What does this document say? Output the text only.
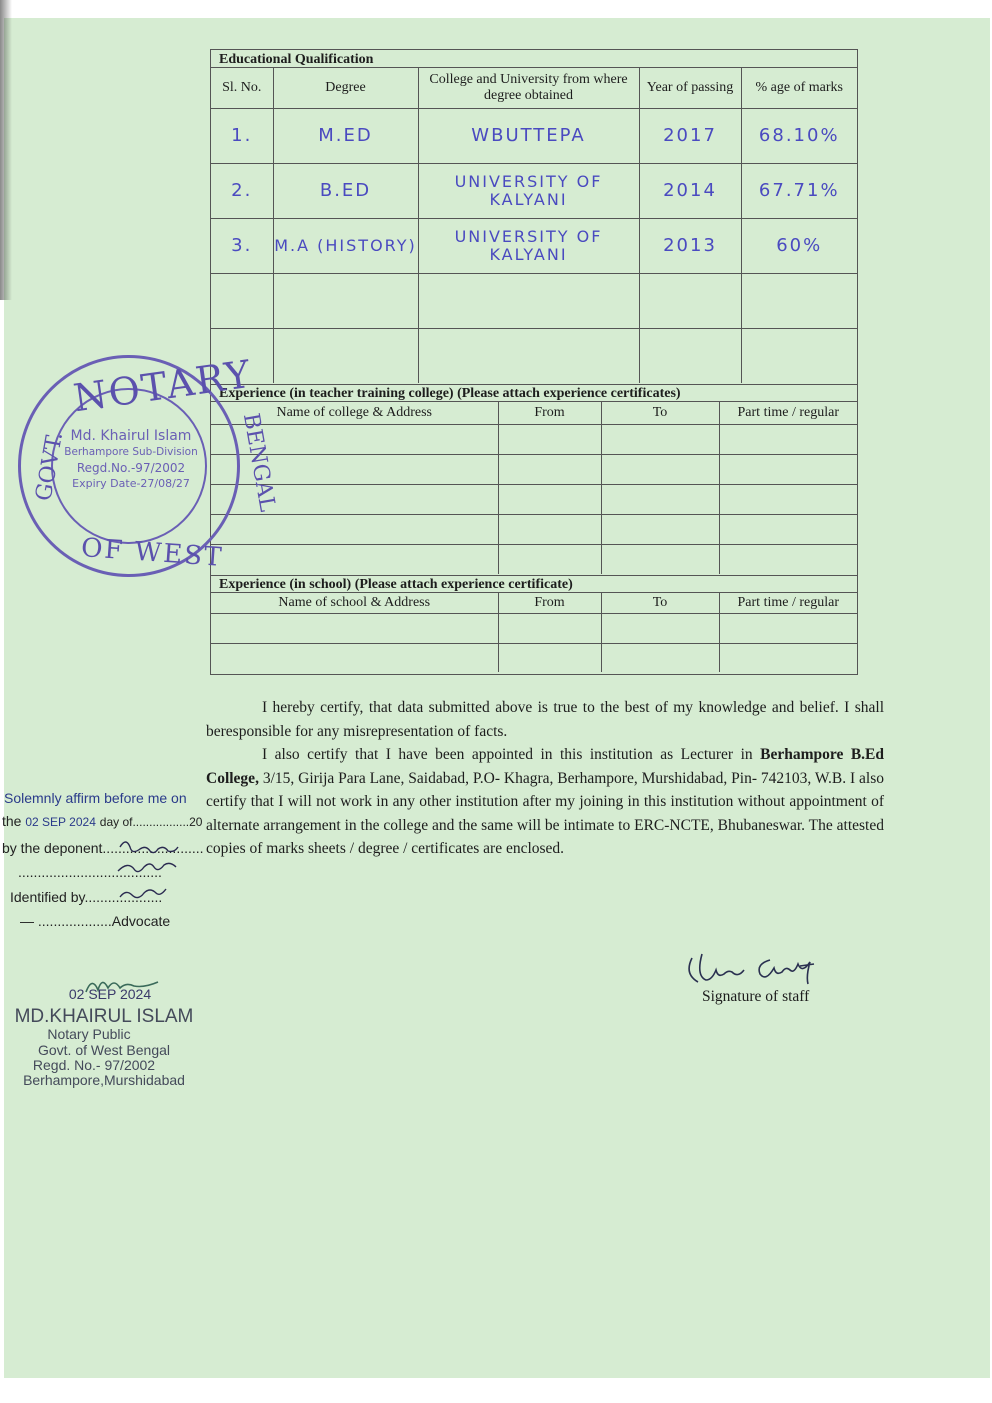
Educational Qualification
Sl. No.	Degree	College and University from where degree obtained	Year of passing	% age of marks
1.	M.ED	WBUTTEPA	2017	68.10%
2.	B.ED	UNIVERSITY OF KALYANI	2014	67.71%
3.	M.A (HISTORY)	UNIVERSITY OF KALYANI	2013	60%

Experience (in teacher training college) (Please attach experience certificates)
Name of college & Address	From	To	Part time / regular

Experience (in school) (Please attach experience certificate)
Name of school & Address	From	To	Part time / regular

NOTARY
GOVT.	BENGAL
OF WEST
Md. Khairul Islam
Berhampore Sub-Division
Regd.No.-97/2002
Expiry Date-27/08/27
I hereby certify, that data submitted above is true to the best of my knowledge and belief. I shall beresponsible for any misrepresentation of facts.
I also certify that I have been appointed in this institution as Lecturer in Berhampore B.Ed College, 3/15, Girija Para Lane, Saidabad, P.O- Khagra, Berhampore, Murshidabad, Pin- 742103, W.B. I also certify that I will not work in any other institution after my joining in this institution without appointment of alternate arrangement in the college and the same will be intimate to ERC-NCTE, Bhubaneswar. The attested copies of marks sheets / degree / certificates are enclosed.
Solemnly affirm before me on
the 02 SEP 2024 day of.................20
by the deponent..........................
.....................................
Identified by....................
— ...................Advocate
02 SEP 2024
MD.KHAIRUL ISLAM
Notary Public
Govt. of West Bengal
Regd. No.- 97/2002
Berhampore,Murshidabad
Signature of staff
